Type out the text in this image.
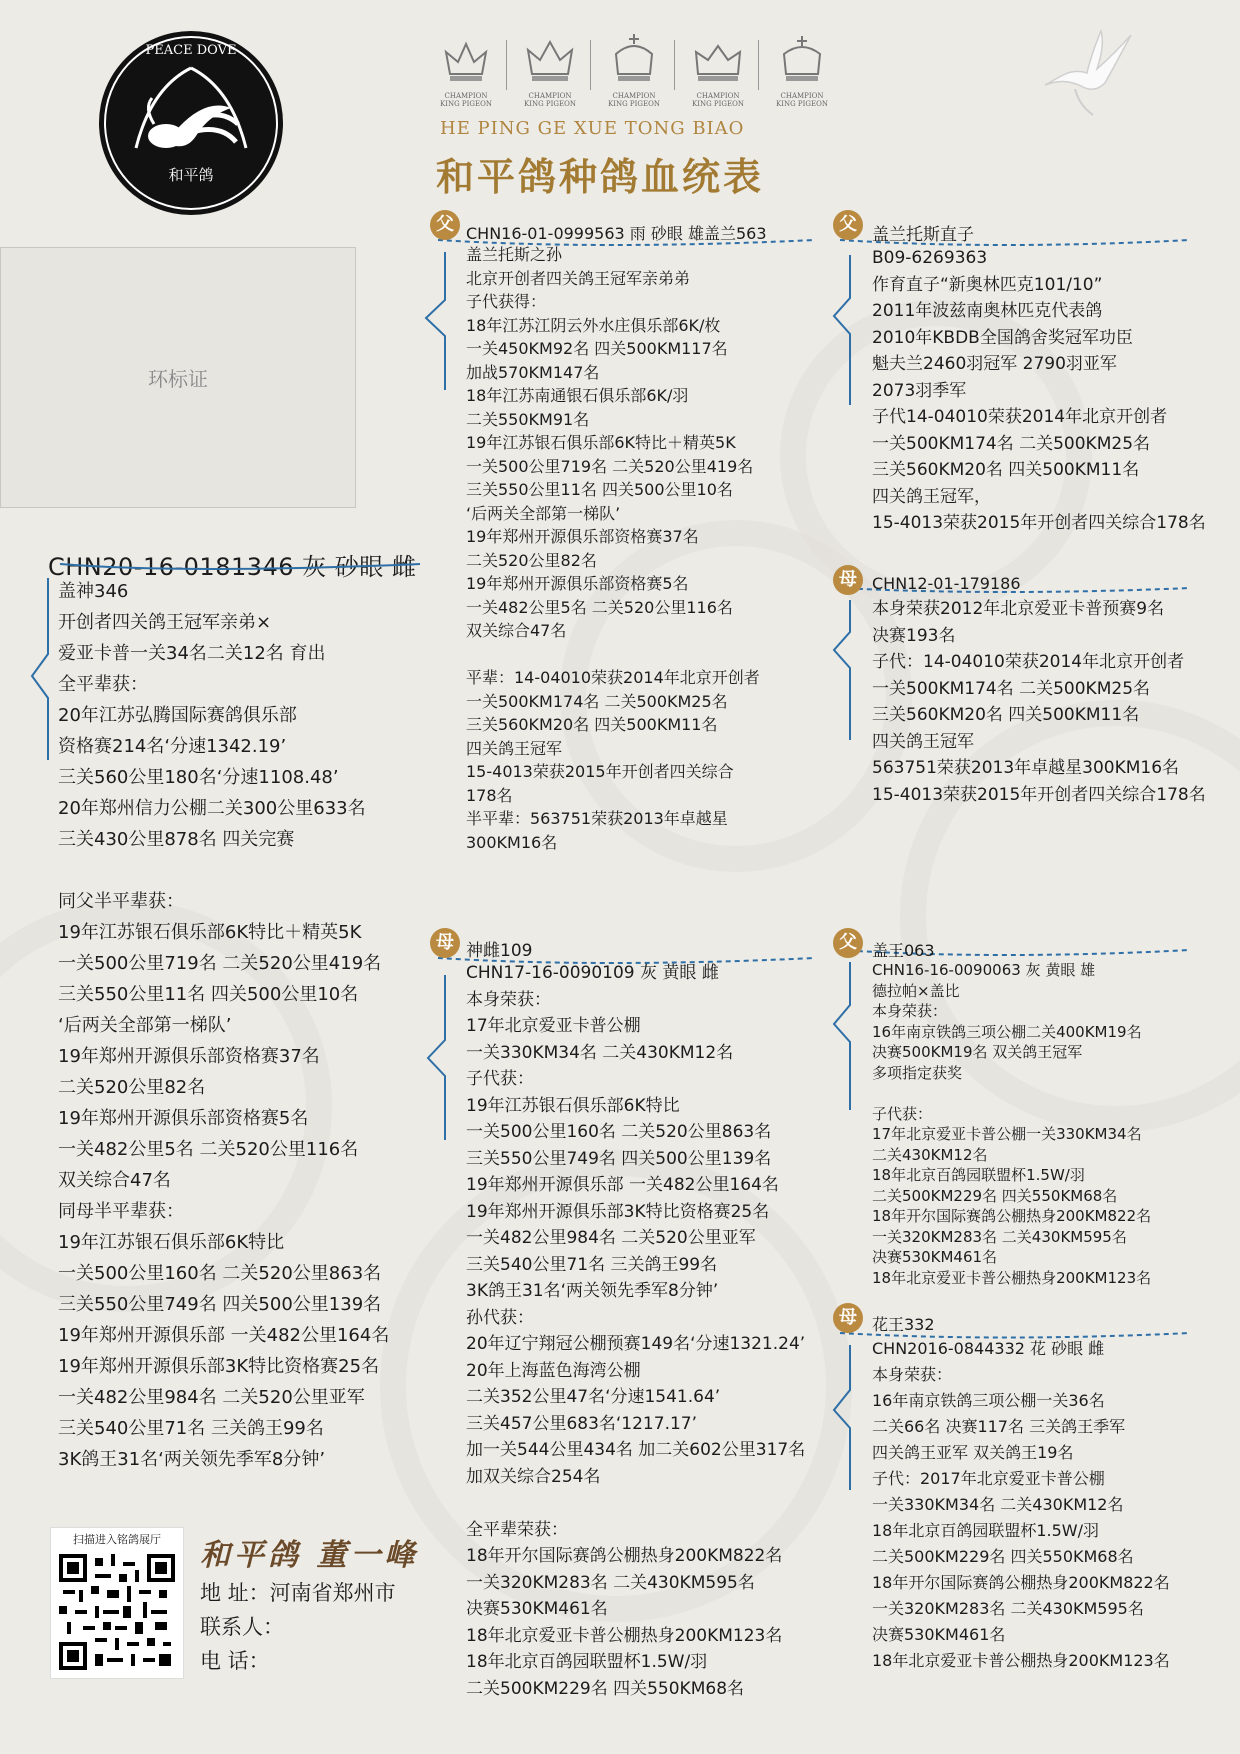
PEACE DOVE
和平鸽
CHAMPION
KING PIGEON
CHAMPION
KING PIGEON
CHAMPION
KING PIGEON
CHAMPION
KING PIGEON
CHAMPION
KING PIGEON
HE PING GE XUE TONG BIAO
和平鸽种鸽血统表
环标证
CHN20-16-0181346 灰 砂眼 雌
盖神346
开创者四关鸽王冠军亲弟×
爱亚卡普一关34名二关12名 育出
全平辈获：
20年江苏弘腾国际赛鸽俱乐部
资格赛214名‘分速1342.19’
三关560公里180名‘分速1108.48’
20年郑州信力公棚二关300公里633名
三关430公里878名 四关完赛
同父半平辈获：
19年江苏银石俱乐部6K特比＋精英5K
一关500公里719名 二关520公里419名
三关550公里11名 四关500公里10名
‘后两关全部第一梯队’
19年郑州开源俱乐部资格赛37名
二关520公里82名
19年郑州开源俱乐部资格赛5名
一关482公里5名 二关520公里116名
双关综合47名
同母半平辈获：
19年江苏银石俱乐部6K特比
一关500公里160名 二关520公里863名
三关550公里749名 四关500公里139名
19年郑州开源俱乐部 一关482公里164名
19年郑州开源俱乐部3K特比资格赛25名
一关482公里984名 二关520公里亚军
三关540公里71名 三关鸽王99名
3K鸽王31名‘两关领先季军8分钟’
父 CHN16-01-0999563 雨 砂眼 雄盖兰563
盖兰托斯之孙
北京开创者四关鸽王冠军亲弟弟
子代获得：
18年江苏江阴云外水庄俱乐部6K/枚
一关450KM92名 四关500KM117名
加战570KM147名
18年江苏南通银石俱乐部6K/羽
二关550KM91名
19年江苏银石俱乐部6K特比＋精英5K
一关500公里719名 二关520公里419名
三关550公里11名 四关500公里10名
‘后两关全部第一梯队’
19年郑州开源俱乐部资格赛37名
二关520公里82名
19年郑州开源俱乐部资格赛5名
一关482公里5名 二关520公里116名
双关综合47名
平辈：14-04010荣获2014年北京开创者
一关500KM174名 二关500KM25名
三关560KM20名 四关500KM11名
四关鸽王冠军
15-4013荣获2015年开创者四关综合
178名
半平辈：563751荣获2013年卓越星
300KM16名
母 神雌109
CHN17-16-0090109 灰 黄眼 雌
本身荣获：
17年北京爱亚卡普公棚
一关330KM34名 二关430KM12名
子代获：
19年江苏银石俱乐部6K特比
一关500公里160名 二关520公里863名
三关550公里749名 四关500公里139名
19年郑州开源俱乐部 一关482公里164名
19年郑州开源俱乐部3K特比资格赛25名
一关482公里984名 二关520公里亚军
三关540公里71名 三关鸽王99名
3K鸽王31名‘两关领先季军8分钟’
孙代获：
20年辽宁翔冠公棚预赛149名‘分速1321.24’
20年上海蓝色海湾公棚
二关352公里47名‘分速1541.64’
三关457公里683名‘1217.17’
加一关544公里434名 加二关602公里317名
加双关综合254名
全平辈荣获：
18年开尔国际赛鸽公棚热身200KM822名
一关320KM283名 二关430KM595名
决赛530KM461名
18年北京爱亚卡普公棚热身200KM123名
18年北京百鸽园联盟杯1.5W/羽
二关500KM229名 四关550KM68名
父 盖兰托斯直子
B09-6269363
作育直子“新奥林匹克101/10”
2011年波兹南奥林匹克代表鸽
2010年KBDB全国鸽舍奖冠军功臣
魁夫兰2460羽冠军 2790羽亚军
2073羽季军
子代14-04010荣获2014年北京开创者
一关500KM174名 二关500KM25名
三关560KM20名 四关500KM11名
四关鸽王冠军，
15-4013荣获2015年开创者四关综合178名
母 CHN12-01-179186
本身荣获2012年北京爱亚卡普预赛9名
决赛193名
子代：14-04010荣获2014年北京开创者
一关500KM174名 二关500KM25名
三关560KM20名 四关500KM11名
四关鸽王冠军
563751荣获2013年卓越星300KM16名
15-4013荣获2015年开创者四关综合178名
父 盖王063
CHN16-16-0090063 灰 黄眼 雄
德拉帕×盖比
本身荣获：
16年南京铁鸽三项公棚二关400KM19名
决赛500KM19名 双关鸽王冠军
多项指定获奖
子代获：
17年北京爱亚卡普公棚一关330KM34名
二关430KM12名
18年北京百鸽园联盟杯1.5W/羽
二关500KM229名 四关550KM68名
18年开尔国际赛鸽公棚热身200KM822名
一关320KM283名 二关430KM595名
决赛530KM461名
18年北京爱亚卡普公棚热身200KM123名
母 花王332
CHN2016-0844332 花 砂眼 雌
本身荣获：
16年南京铁鸽三项公棚一关36名
二关66名 决赛117名 三关鸽王季军
四关鸽王亚军 双关鸽王19名
子代：2017年北京爱亚卡普公棚
一关330KM34名 二关430KM12名
18年北京百鸽园联盟杯1.5W/羽
二关500KM229名 四关550KM68名
18年开尔国际赛鸽公棚热身200KM822名
一关320KM283名 二关430KM595名
决赛530KM461名
18年北京爱亚卡普公棚热身200KM123名
扫描进入铭鸽展厅	和平鸽 董一峰
地 址：河南省郑州市
联系人：
电 话：
